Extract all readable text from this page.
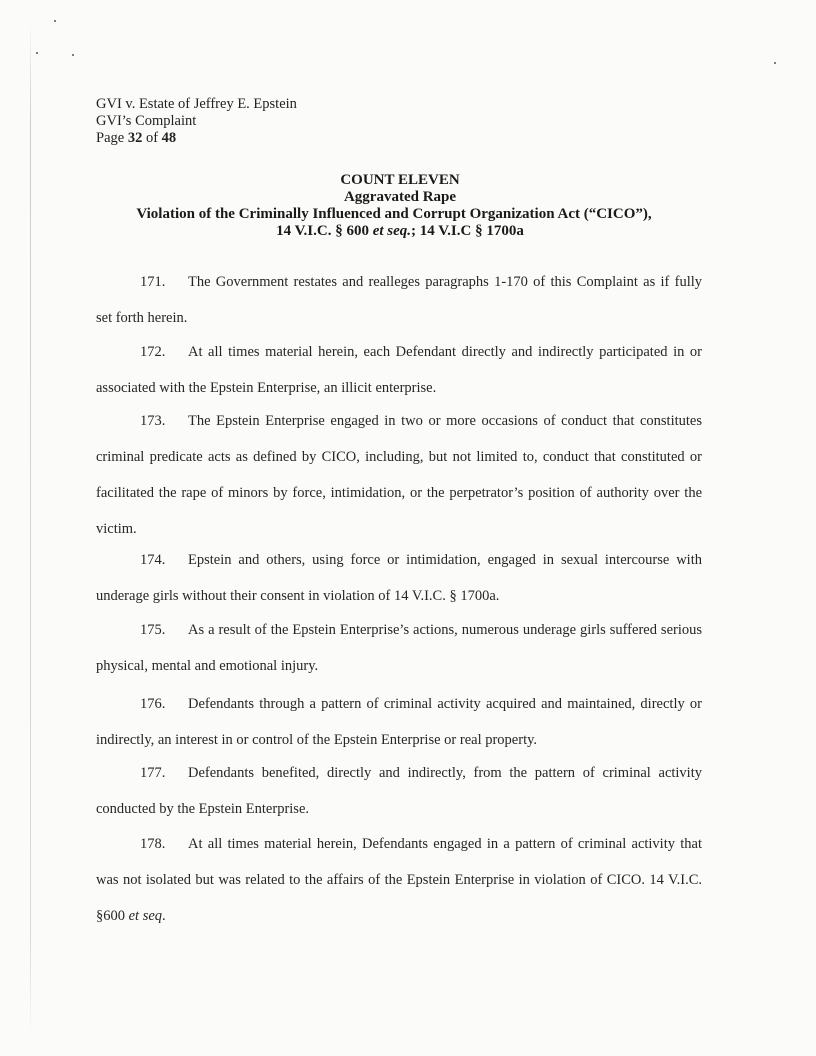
GVI v. Estate of Jeffrey E. Epstein
GVI’s Complaint
Page 32 of 48
COUNT ELEVEN
Aggravated Rape
Violation of the Criminally Influenced and Corrupt Organization Act (“CICO”),
14 V.I.C. § 600 et seq.; 14 V.I.C § 1700a
171. The Government restates and realleges paragraphs 1-170 of this Complaint as if fully set forth herein.
172. At all times material herein, each Defendant directly and indirectly participated in or associated with the Epstein Enterprise, an illicit enterprise.
173. The Epstein Enterprise engaged in two or more occasions of conduct that constitutes criminal predicate acts as defined by CICO, including, but not limited to, conduct that constituted or facilitated the rape of minors by force, intimidation, or the perpetrator’s position of authority over the victim.
174. Epstein and others, using force or intimidation, engaged in sexual intercourse with underage girls without their consent in violation of 14 V.I.C. § 1700a.
175. As a result of the Epstein Enterprise’s actions, numerous underage girls suffered serious physical, mental and emotional injury.
176. Defendants through a pattern of criminal activity acquired and maintained, directly or indirectly, an interest in or control of the Epstein Enterprise or real property.
177. Defendants benefited, directly and indirectly, from the pattern of criminal activity conducted by the Epstein Enterprise.
178. At all times material herein, Defendants engaged in a pattern of criminal activity that was not isolated but was related to the affairs of the Epstein Enterprise in violation of CICO. 14 V.I.C. §600 et seq.
